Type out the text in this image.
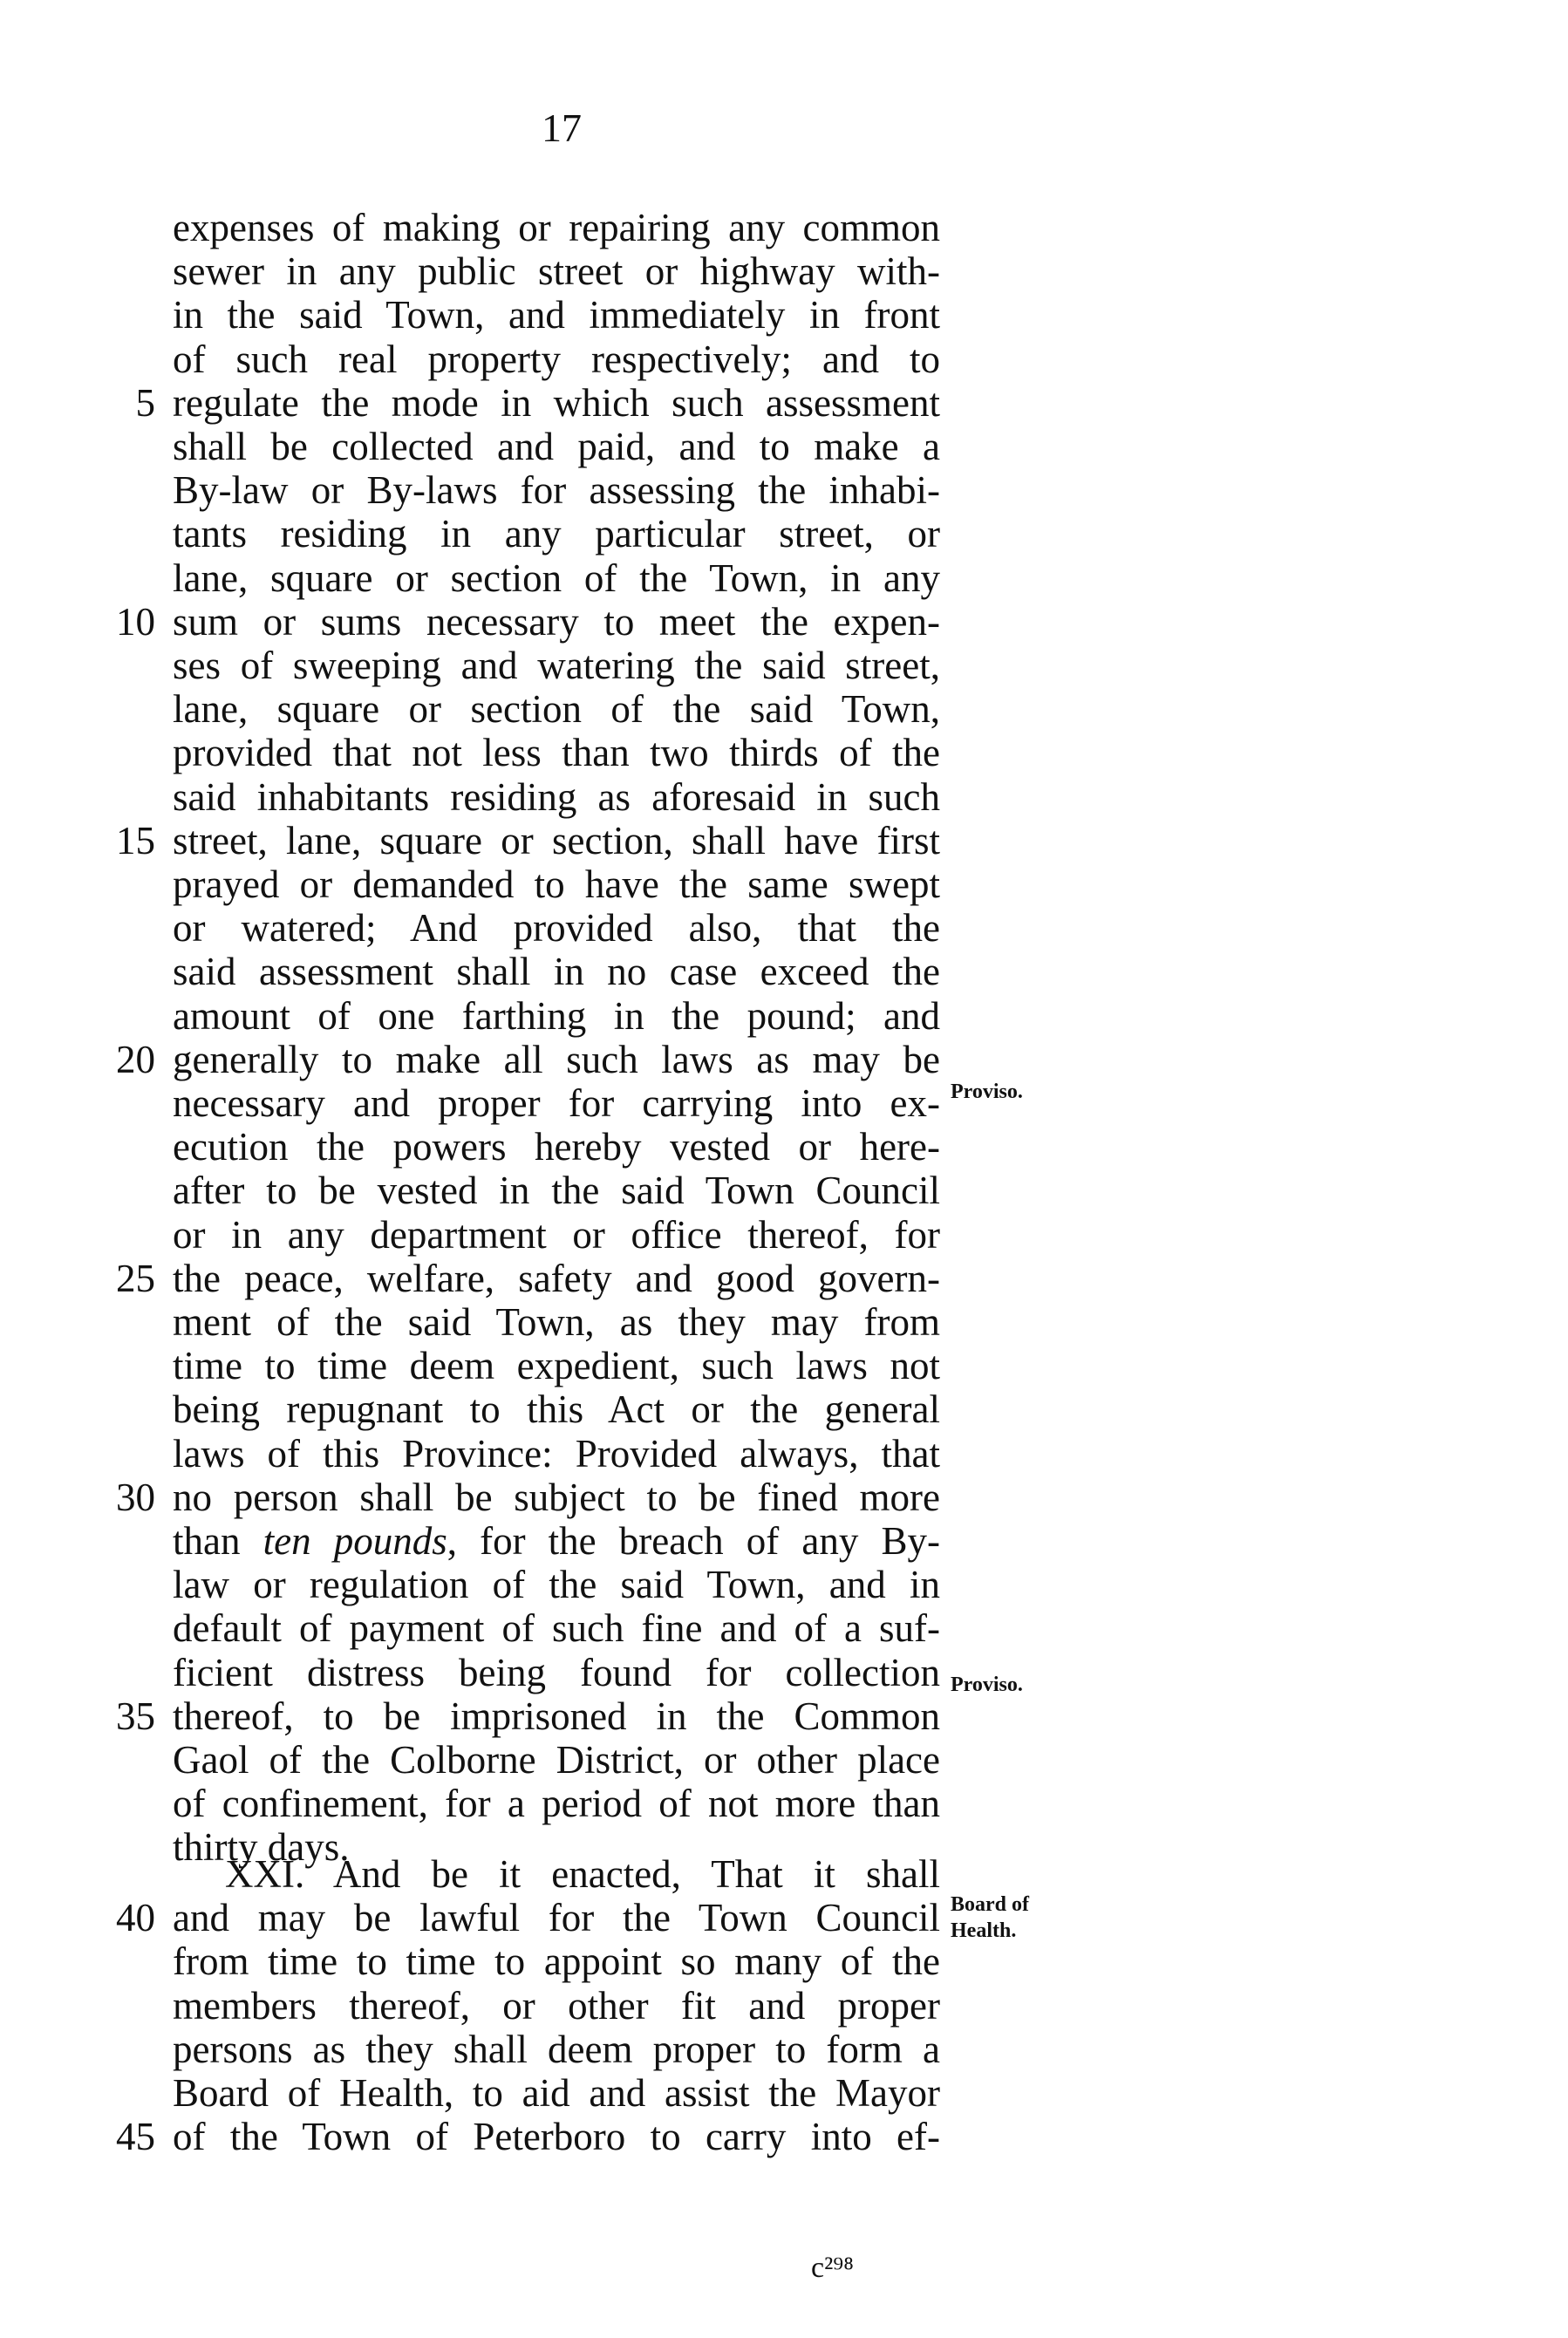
17
expenses of making or repairing any common
sewer in any public street or highway with-
in the said Town, and immediately in front
of such real property respectively; and to
regulate the mode in which such assessment
5
shall be collected and paid, and to make a
By-law or By-laws for assessing the inhabi-
tants residing in any particular street, or
lane, square or section of the Town, in any
sum or sums necessary to meet the expen-
10
ses of sweeping and watering the said street,
lane, square or section of the said Town,
provided that not less than two thirds of the
said inhabitants residing as aforesaid in such
street, lane, square or section, shall have first
15
prayed or demanded to have the same swept
or watered; And provided also, that the
said assessment shall in no case exceed the
amount of one farthing in the pound; and
generally to make all such laws as may be
20
necessary and proper for carrying into ex-
ecution the powers hereby vested or here-
after to be vested in the said Town Council
or in any department or office thereof, for
the peace, welfare, safety and good govern-
25
ment of the said Town, as they may from
time to time deem expedient, such laws not
being repugnant to this Act or the general
laws of this Province: Provided always, that
no person shall be subject to be fined more
30
than ten pounds, for the breach of any By-
law or regulation of the said Town, and in
default of payment of such fine and of a suf-
ficient distress being found for collection
thereof, to be imprisoned in the Common
35
Gaol of the Colborne District, or other place
of confinement, for a period of not more than
thirty days.
XXI. And be it enacted, That it shall
and may be lawful for the Town Council
40
from time to time to appoint so many of the
members thereof, or other fit and proper
persons as they shall deem proper to form a
Board of Health, to aid and assist the Mayor
of the Town of Peterboro to carry into ef-
45
Proviso.
Proviso.
Board of
Health.
c²⁹⁸
